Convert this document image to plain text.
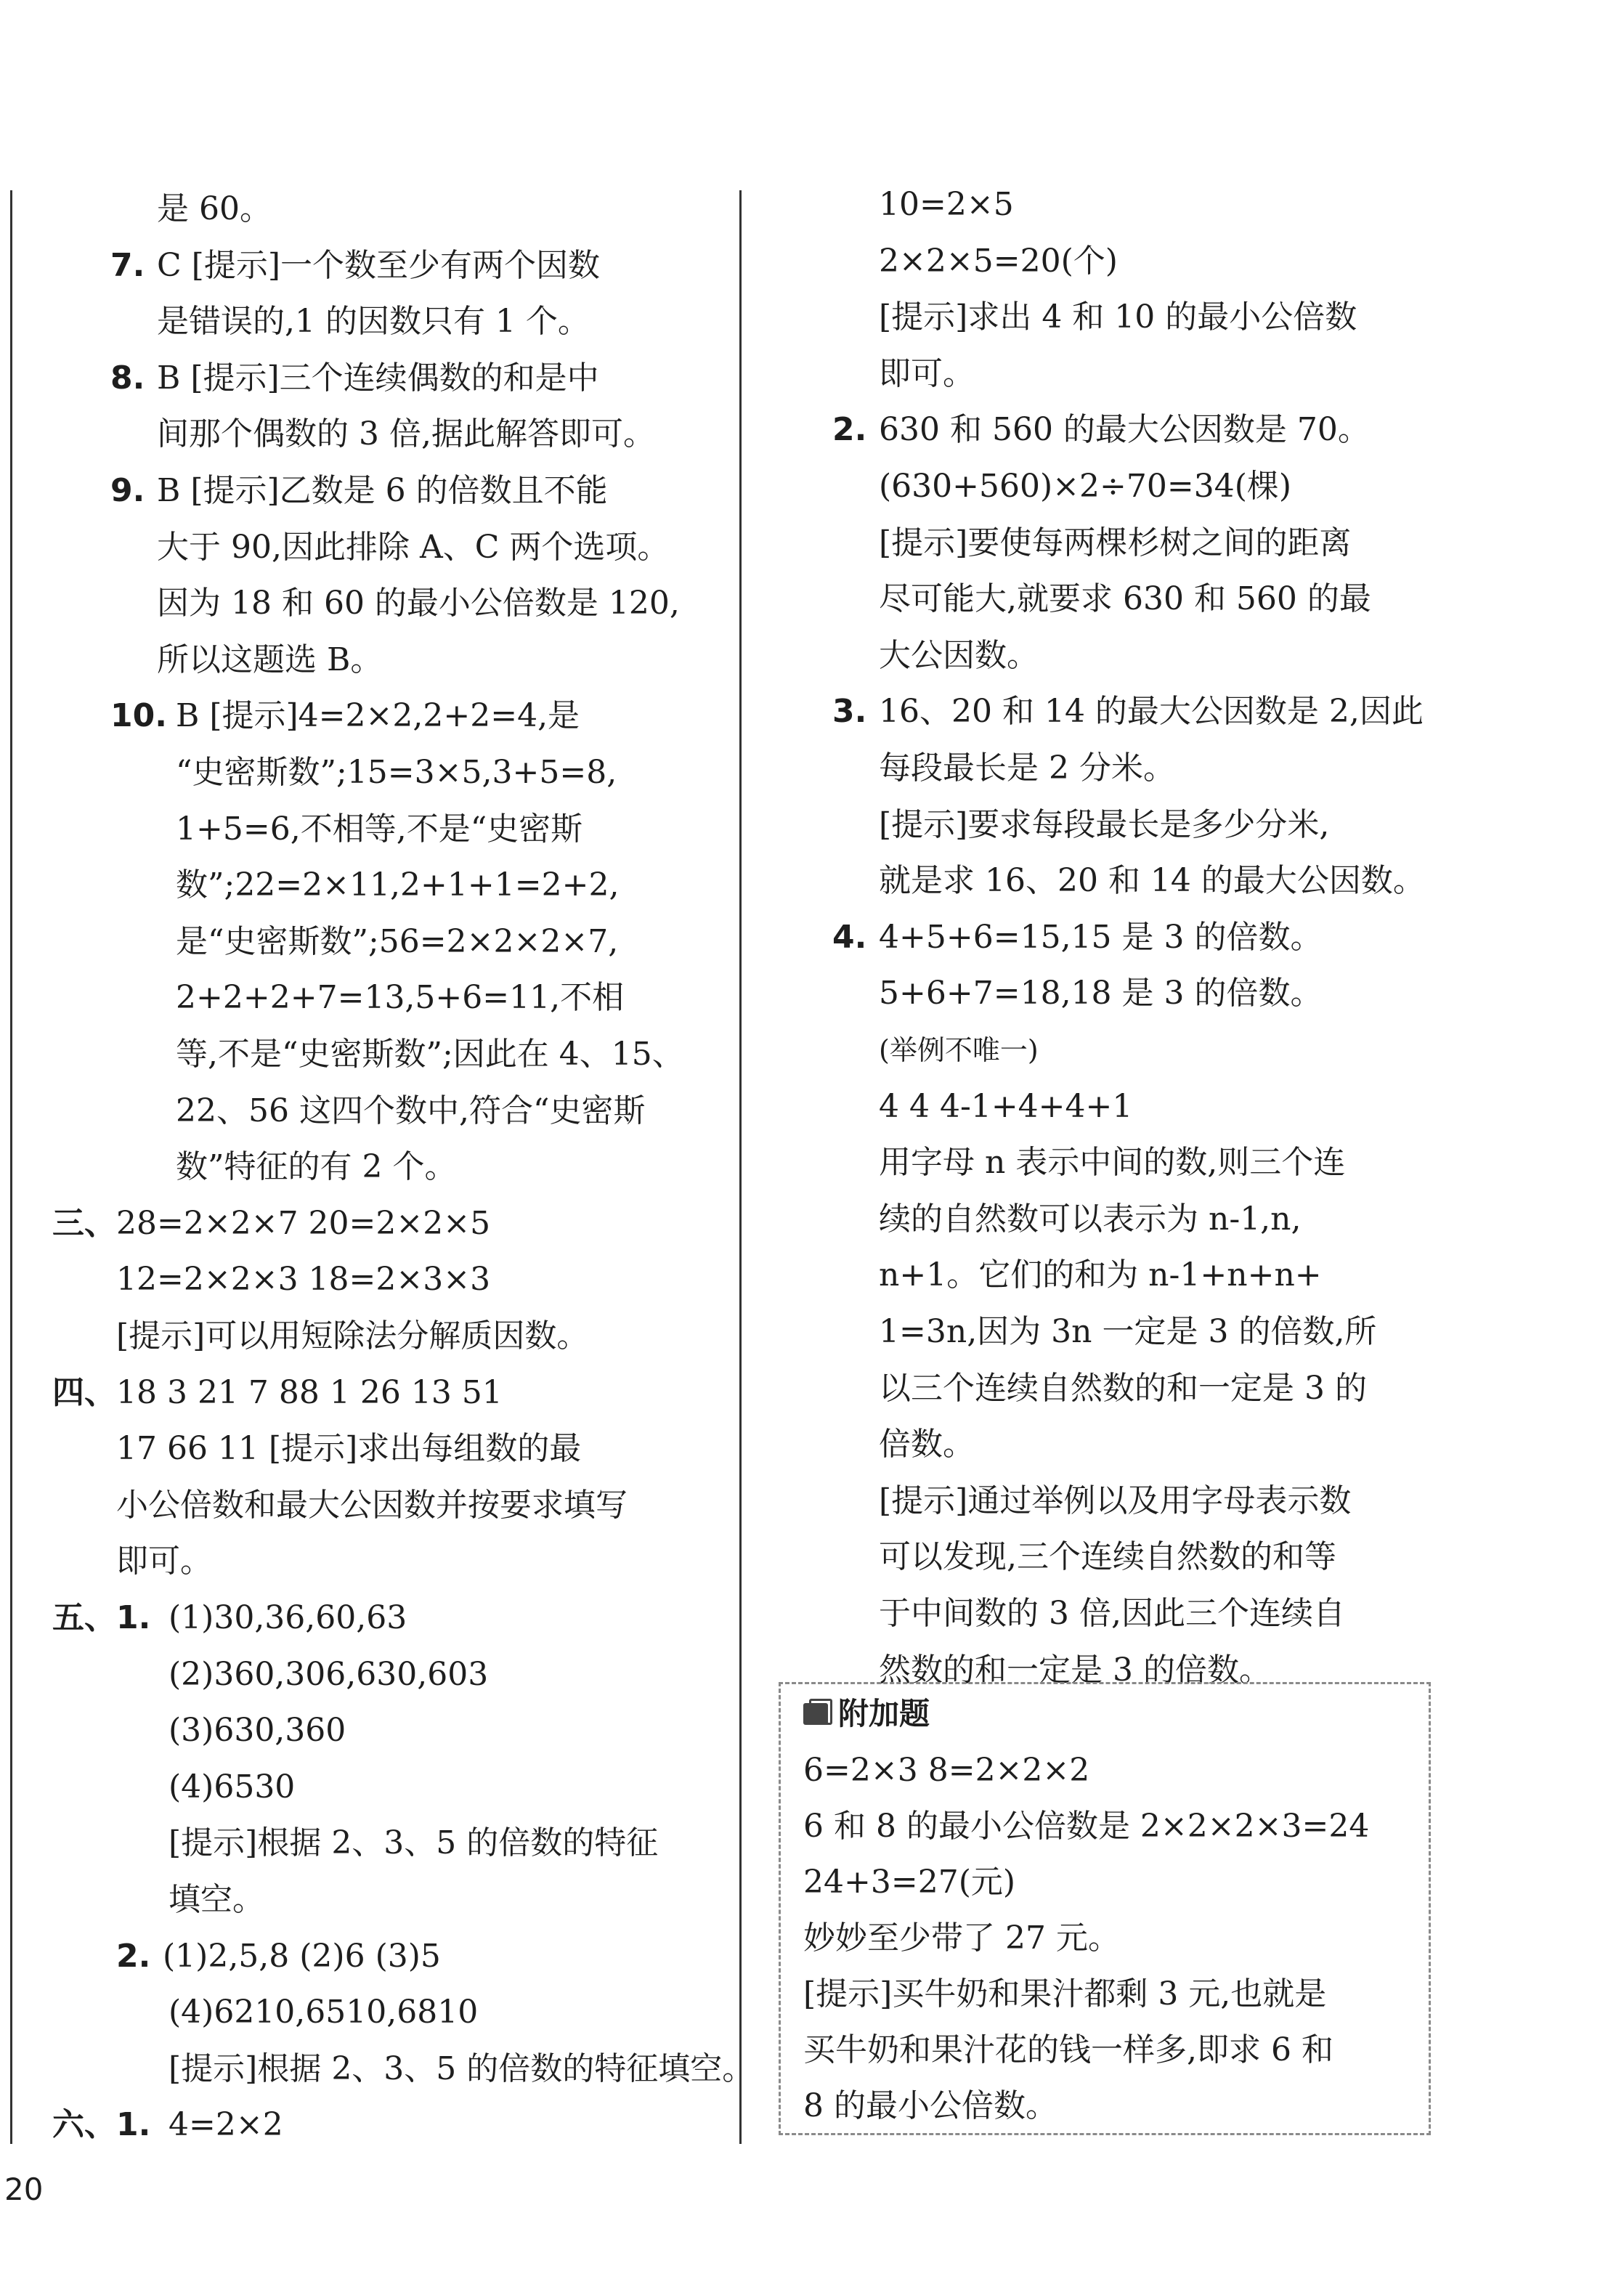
是 60。
7. C [提示]一个数至少有两个因数
是错误的,1 的因数只有 1 个。
8. B [提示]三个连续偶数的和是中
间那个偶数的 3 倍,据此解答即可。
9. B [提示]乙数是 6 的倍数且不能
大于 90,因此排除 A、C 两个选项。
因为 18 和 60 的最小公倍数是 120,
所以这题选 B。
10. B [提示]4=2×2,2+2=4,是
“史密斯数”;15=3×5,3+5=8,
1+5=6,不相等,不是“史密斯
数”;22=2×11,2+1+1=2+2,
是“史密斯数”;56=2×2×2×7,
2+2+2+7=13,5+6=11,不相
等,不是“史密斯数”;因此在 4、15、
22、56 这四个数中,符合“史密斯
数”特征的有 2 个。
三、 28=2×2×7 20=2×2×5
12=2×2×3 18=2×3×3
[提示]可以用短除法分解质因数。
四、 18 3 21 7 88 1 26 13 51
17 66 11 [提示]求出每组数的最
小公倍数和最大公因数并按要求填写
即可。
五、1. (1)30,36,60,63
(2)360,306,630,603
(3)630,360
(4)6530
[提示]根据 2、3、5 的倍数的特征
填空。
2. (1)2,5,8 (2)6 (3)5
(4)6210,6510,6810
[提示]根据 2、3、5 的倍数的特征填空。
六、1. 4=2×2
10=2×5
2×2×5=20(个)
[提示]求出 4 和 10 的最小公倍数
即可。
2. 630 和 560 的最大公因数是 70。
(630+560)×2÷70=34(棵)
[提示]要使每两棵杉树之间的距离
尽可能大,就要求 630 和 560 的最
大公因数。
3. 16、20 和 14 的最大公因数是 2,因此
每段最长是 2 分米。
[提示]要求每段最长是多少分米,
就是求 16、20 和 14 的最大公因数。
4. 4+5+6=15,15 是 3 的倍数。
5+6+7=18,18 是 3 的倍数。
(举例不唯一)
4 4 4-1+4+4+1
用字母 n 表示中间的数,则三个连
续的自然数可以表示为 n-1,n,
n+1。它们的和为 n-1+n+n+
1=3n,因为 3n 一定是 3 的倍数,所
以三个连续自然数的和一定是 3 的
倍数。
[提示]通过举例以及用字母表示数
可以发现,三个连续自然数的和等
于中间数的 3 倍,因此三个连续自
然数的和一定是 3 的倍数。
附加题
6=2×3 8=2×2×2
6 和 8 的最小公倍数是 2×2×2×3=24
24+3=27(元)
妙妙至少带了 27 元。
[提示]买牛奶和果汁都剩 3 元,也就是
买牛奶和果汁花的钱一样多,即求 6 和
8 的最小公倍数。
20
